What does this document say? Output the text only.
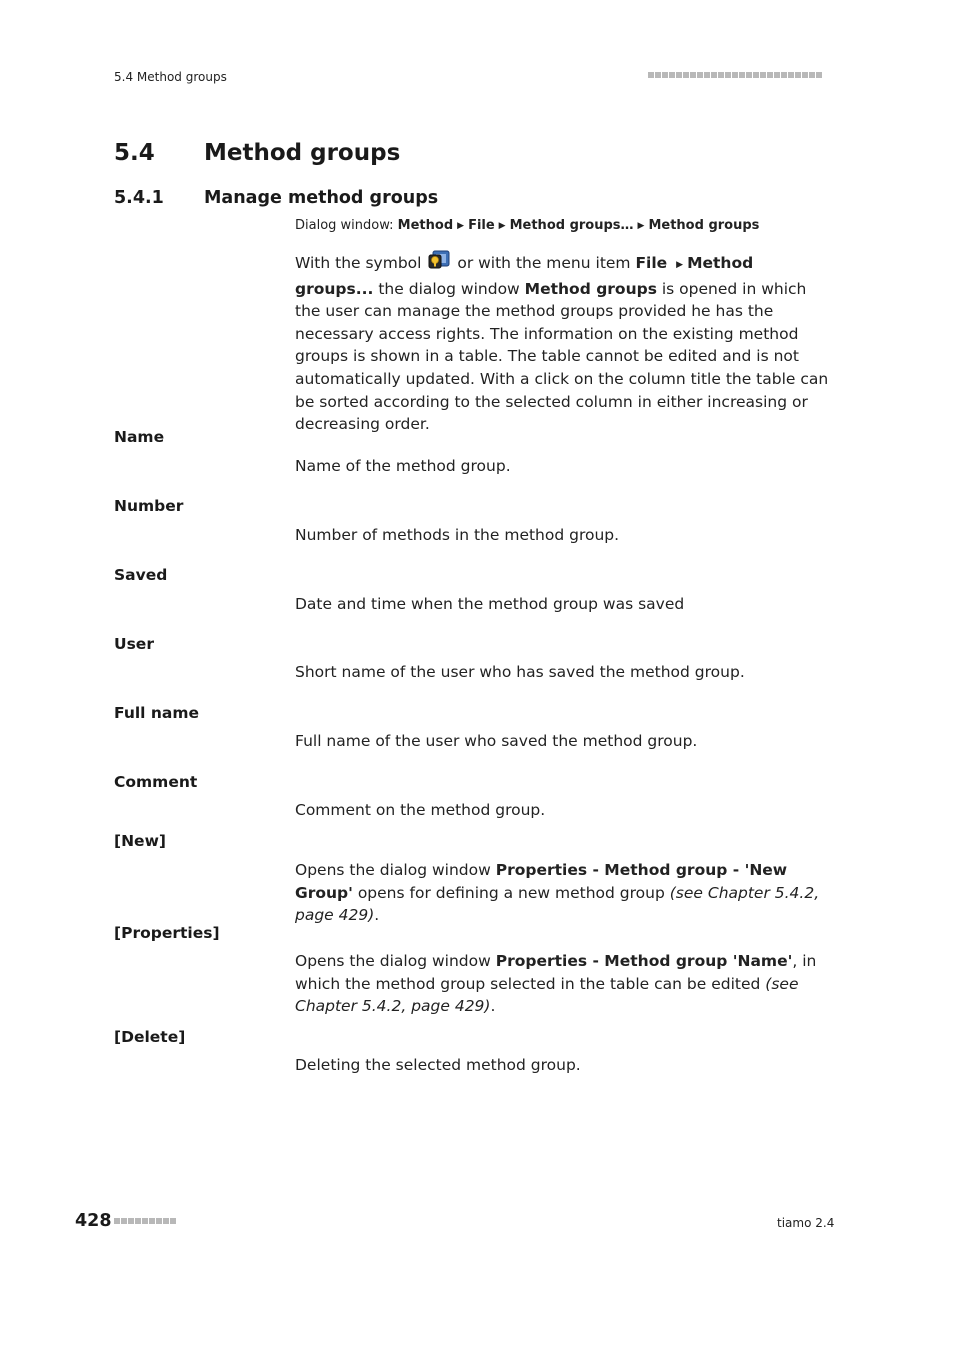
5.4 Method groups
5.4 Method groups
5.4.1 Manage method groups
Dialog window: Method ▶ File ▶ Method groups… ▶ Method groups
With the symbol or with the menu item File ▶ Method groups... the dialog window Method groups is opened in which the user can manage the method groups provided he has the necessary access rights. The information on the existing method groups is shown in a table. The table cannot be edited and is not automatically updated. With a click on the column title the table can be sorted according to the selected column in either increasing or decreasing order.
Name
Name of the method group.
Number
Number of methods in the method group.
Saved
Date and time when the method group was saved
User
Short name of the user who has saved the method group.
Full name
Full name of the user who saved the method group.
Comment
Comment on the method group.
[New]
Opens the dialog window Properties - Method group - 'New Group' opens for defining a new method group (see Chapter 5.4.2, page 429).
[Properties]
Opens the dialog window Properties - Method group 'Name', in which the method group selected in the table can be edited (see Chapter 5.4.2, page 429).
[Delete]
Deleting the selected method group.
428	tiamo 2.4
